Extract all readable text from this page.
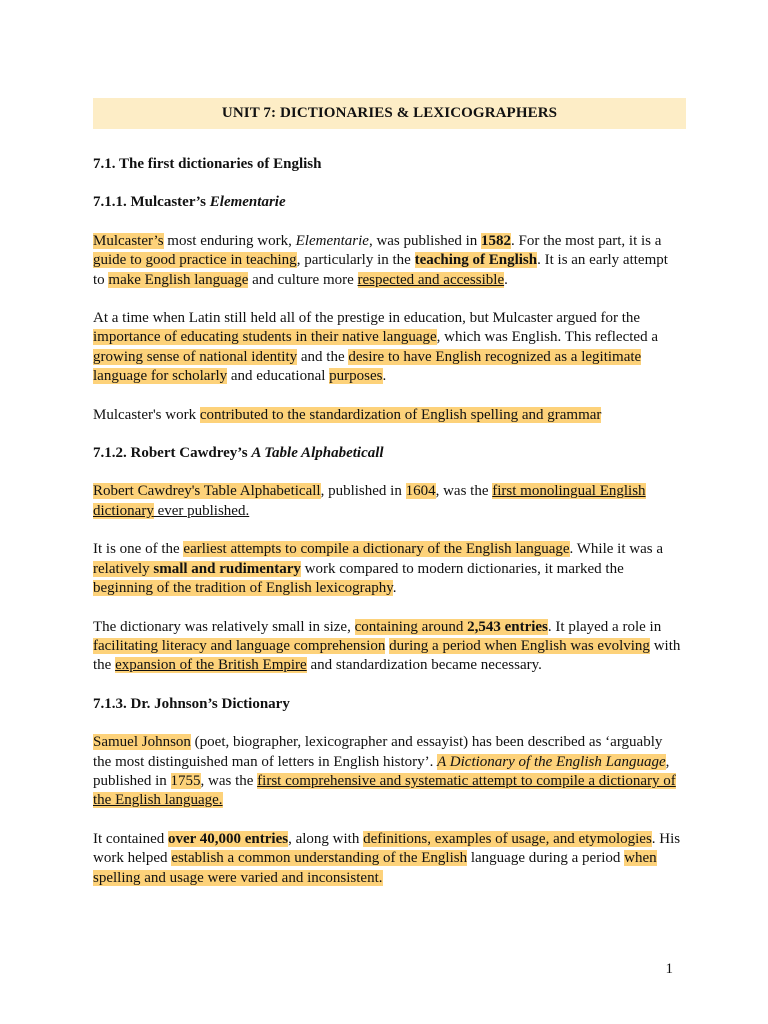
UNIT 7: DICTIONARIES & LEXICOGRAPHERS

7.1. The first dictionaries of English

7.1.1. Mulcaster’s Elementarie

Mulcaster’s most enduring work, Elementarie, was published in 1582. For the most part, it is a guide to good practice in teaching, particularly in the teaching of English. It is an early attempt to make English language and culture more respected and accessible.

At a time when Latin still held all of the prestige in education, but Mulcaster argued for the importance of educating students in their native language, which was English. This reflected a growing sense of national identity and the desire to have English recognized as a legitimate language for scholarly and educational purposes.

Mulcaster's work contributed to the standardization of English spelling and grammar

7.1.2. Robert Cawdrey’s A Table Alphabeticall

Robert Cawdrey's Table Alphabeticall, published in 1604, was the first monolingual English dictionary ever published.

It is one of the earliest attempts to compile a dictionary of the English language. While it was a relatively small and rudimentary work compared to modern dictionaries, it marked the beginning of the tradition of English lexicography.

The dictionary was relatively small in size, containing around 2,543 entries. It played a role in facilitating literacy and language comprehension during a period when English was evolving with the expansion of the British Empire and standardization became necessary.

7.1.3. Dr. Johnson’s Dictionary

Samuel Johnson (poet, biographer, lexicographer and essayist) has been described as ‘arguably the most distinguished man of letters in English history’. A Dictionary of the English Language, published in 1755, was the first comprehensive and systematic attempt to compile a dictionary of the English language.

It contained over 40,000 entries, along with definitions, examples of usage, and etymologies. His work helped establish a common understanding of the English language during a period when spelling and usage were varied and inconsistent.

1
